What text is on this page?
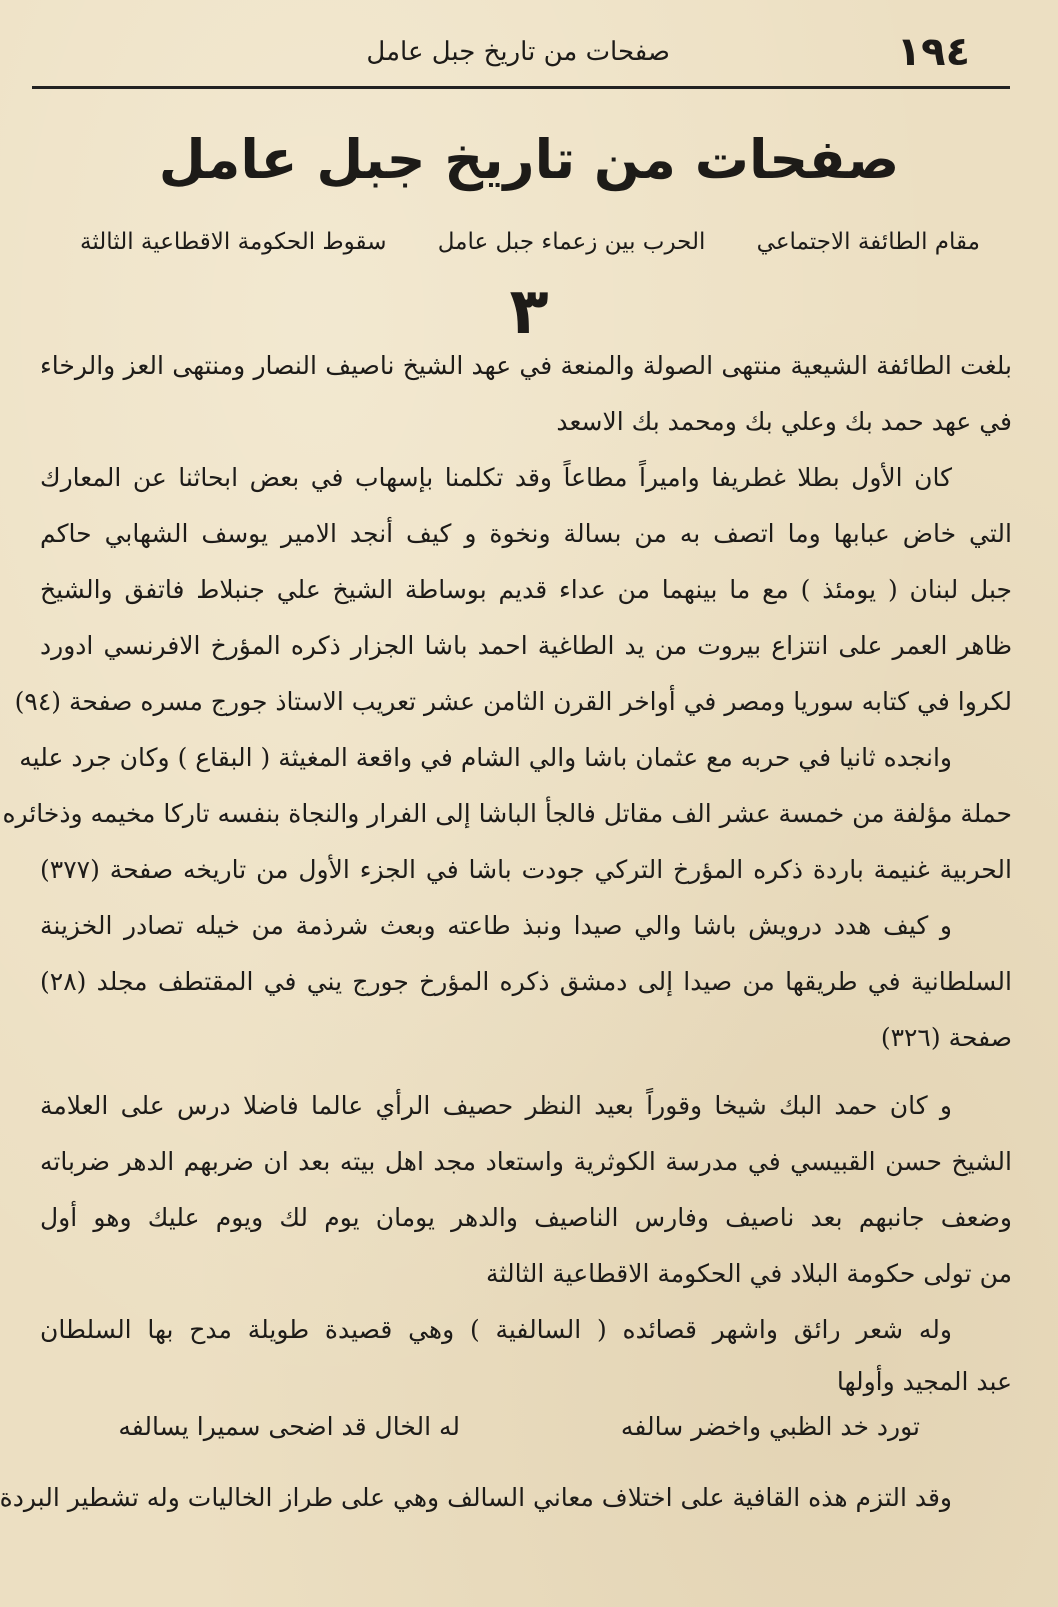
١٩٤
صفحات من تاريخ جبل عامل
صفحات من تاريخ جبل عامل
مقام الطائفة الاجتماعي
الحرب بين زعماء جبل عامل
سقوط الحكومة الاقطاعية الثالثة
٣
بلغت الطائفة الشيعية منتهى الصولة والمنعة في عهد الشيخ ناصيف النصار ومنتهى العز والرخاء
في عهد حمد بك وعلي بك ومحمد بك الاسعد
كان الأول بطلا غطريفا واميراً مطاعاً وقد تكلمنا بإسهاب في بعض ابحاثنا عن المعارك
التي خاض عبابها وما اتصف به من بسالة ونخوة و كيف أنجد الامير يوسف الشهابي حاكم
جبل لبنان ( يومئذ ) مع ما بينهما من عداء قديم بوساطة الشيخ علي جنبلاط فاتفق والشيخ
ظاهر العمر على انتزاع بيروت من يد الطاغية احمد باشا الجزار ذكره المؤرخ الافرنسي ادورد
لكروا في كتابه سوريا ومصر في أواخر القرن الثامن عشر تعريب الاستاذ جورج مسره صفحة (٩٤)
وانجده ثانيا في حربه مع عثمان باشا والي الشام في واقعة المغيثة ( البقاع ) وكان جرد عليه
حملة مؤلفة من خمسة عشر الف مقاتل فالجأ الباشا إلى الفرار والنجاة بنفسه تاركا مخيمه وذخائره
الحربية غنيمة باردة ذكره المؤرخ التركي جودت باشا في الجزء الأول من تاريخه صفحة (٣٧٧)
و كيف هدد درويش باشا والي صيدا ونبذ طاعته وبعث شرذمة من خيله تصادر الخزينة
السلطانية في طريقها من صيدا إلى دمشق ذكره المؤرخ جورج يني في المقتطف مجلد (٢٨)
صفحة (٣٢٦)
و كان حمد البك شيخا وقوراً بعيد النظر حصيف الرأي عالما فاضلا درس على العلامة
الشيخ حسن القبيسي في مدرسة الكوثرية واستعاد مجد اهل بيته بعد ان ضربهم الدهر ضرباته
وضعف جانبهم بعد ناصيف وفارس الناصيف والدهر يومان يوم لك ويوم عليك وهو أول
من تولى حكومة البلاد في الحكومة الاقطاعية الثالثة
وله شعر رائق واشهر قصائده ( السالفية ) وهي قصيدة طويلة مدح بها السلطان
عبد المجيد وأولها
وقد التزم هذه القافية على اختلاف معاني السالف وهي على طراز الخاليات وله تشطير البردة
تورد خد الظبي واخضر سالفه
له الخال قد اضحى سميرا يسالفه
